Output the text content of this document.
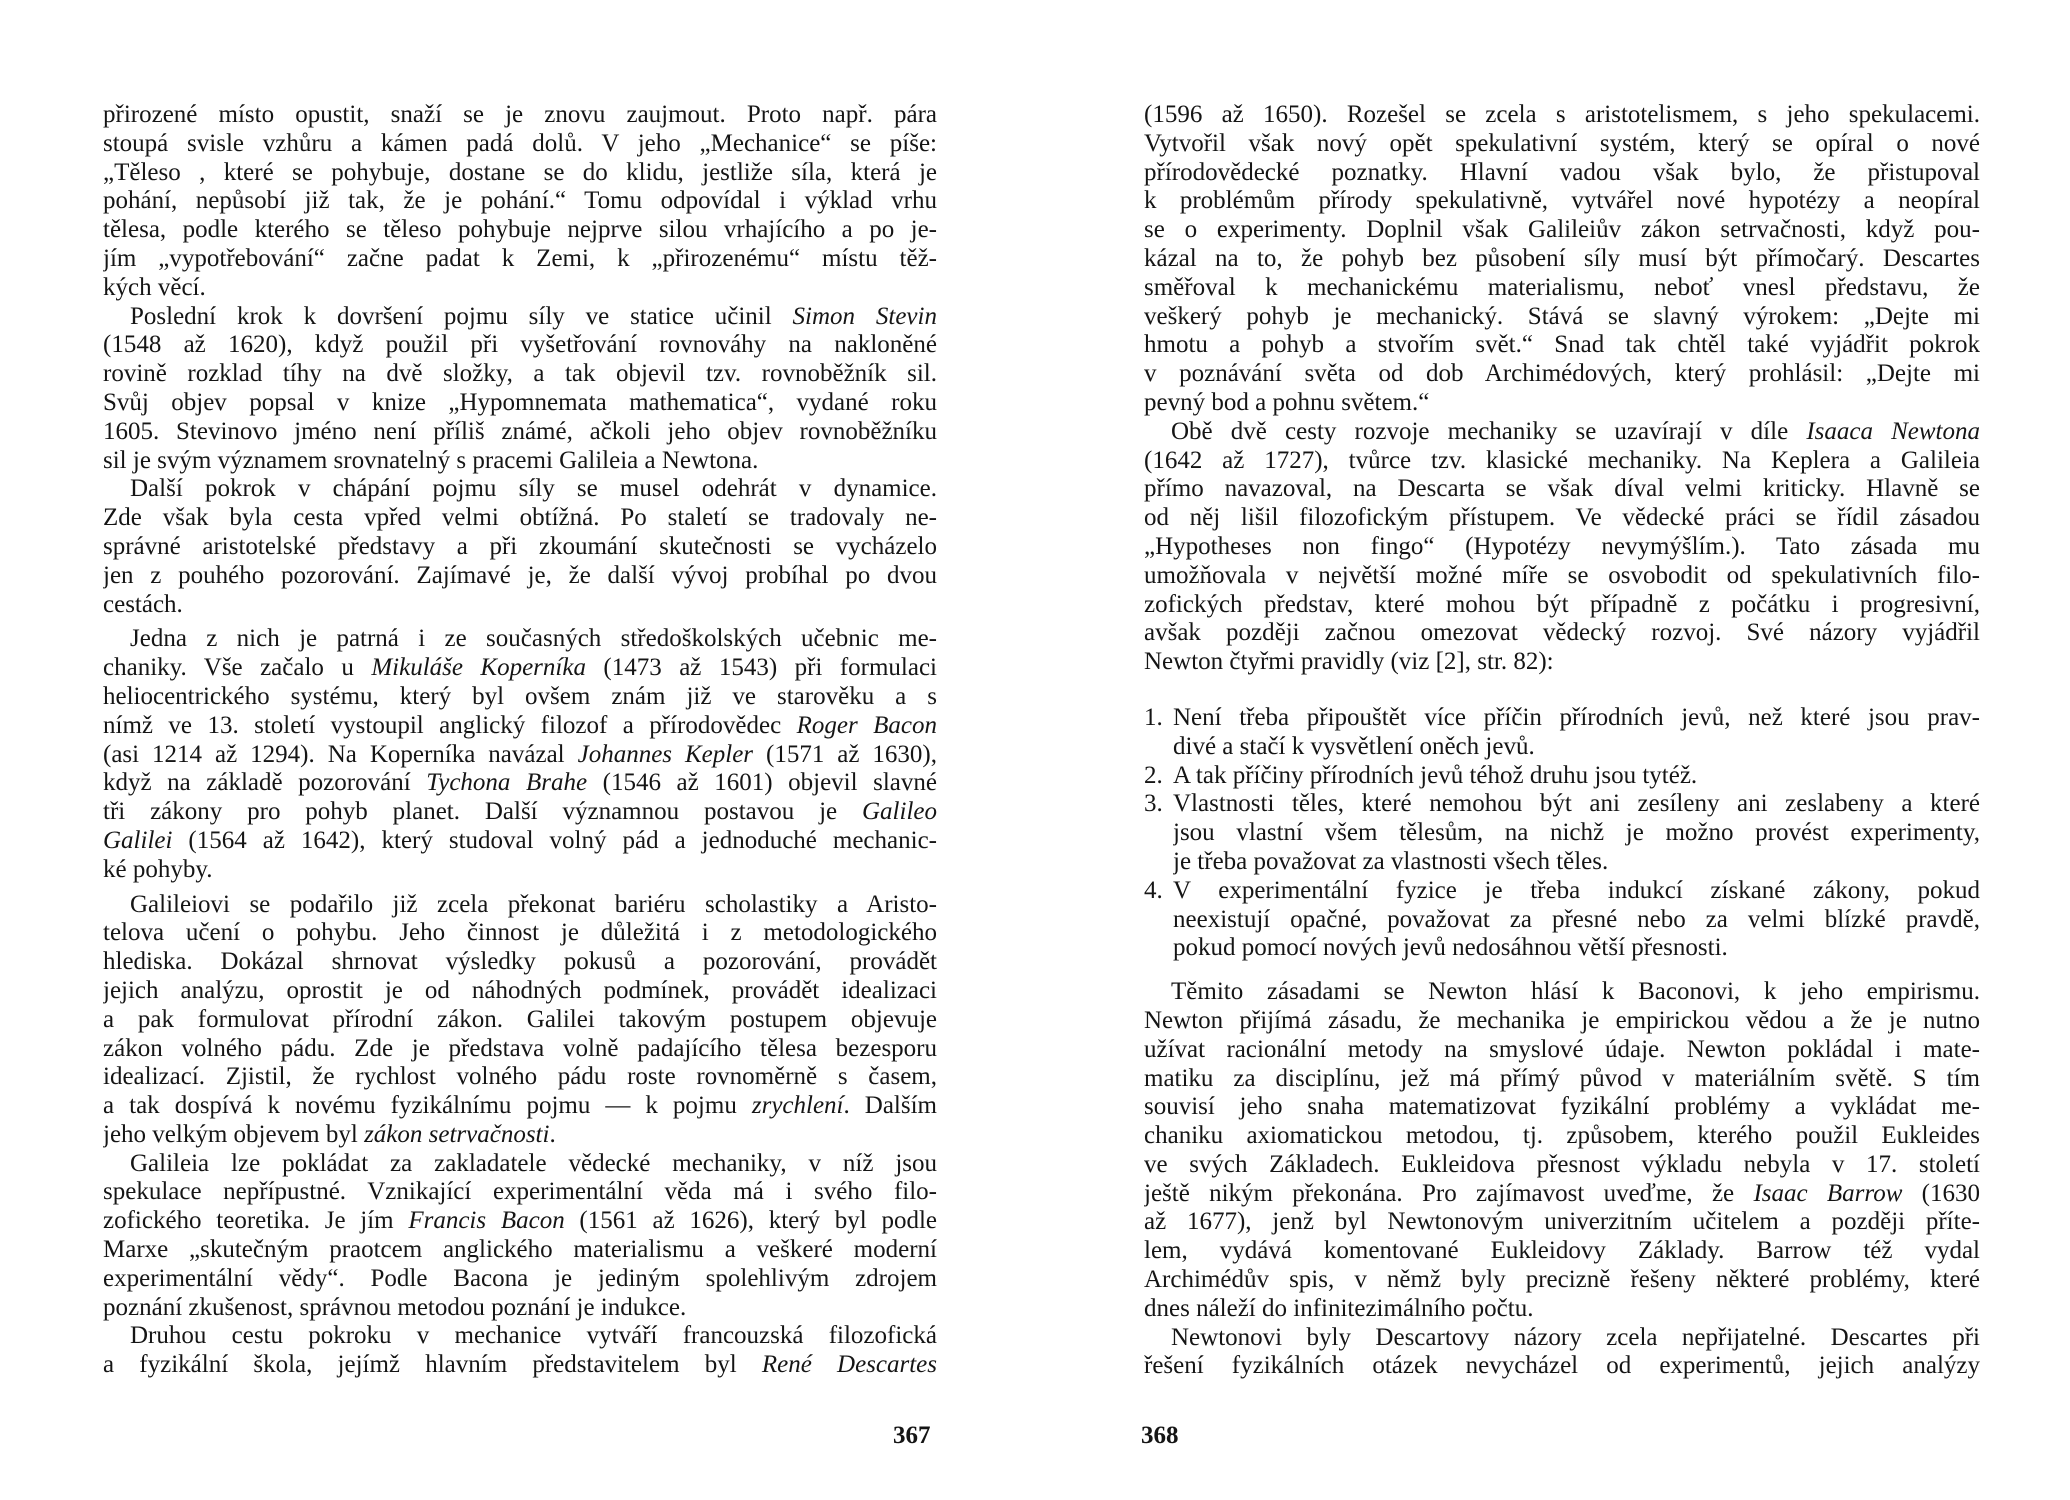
přirozené místo opustit, snaží se je znovu zaujmout. Proto např. pára
stoupá svisle vzhůru a kámen padá dolů. V jeho „Mechanice“ se píše:
„Těleso , které se pohybuje, dostane se do klidu, jestliže síla, která je
pohání, nepůsobí již tak, že je pohání.“ Tomu odpovídal i výklad vrhu
tělesa, podle kterého se těleso pohybuje nejprve silou vrhajícího a po je-
jím „vypotřebování“ začne padat k Zemi, k „přirozenému“ místu těž-
kých věcí.
Poslední krok k dovršení pojmu síly ve statice učinil Simon Stevin
(1548 až 1620), když použil při vyšetřování rovnováhy na nakloněné
rovině rozklad tíhy na dvě složky, a tak objevil tzv. rovnoběžník sil.
Svůj objev popsal v knize „Hypomnemata mathematica“, vydané roku
1605. Stevinovo jméno není příliš známé, ačkoli jeho objev rovnoběžníku
sil je svým významem srovnatelný s pracemi Galileia a Newtona.
Další pokrok v chápání pojmu síly se musel odehrát v dynamice.
Zde však byla cesta vpřed velmi obtížná. Po staletí se tradovaly ne-
správné aristotelské představy a při zkoumání skutečnosti se vycházelo
jen z pouhého pozorování. Zajímavé je, že další vývoj probíhal po dvou
cestách.
Jedna z nich je patrná i ze současných středoškolských učebnic me-
chaniky. Vše začalo u Mikuláše Koperníka (1473 až 1543) při formulaci
heliocentrického systému, který byl ovšem znám již ve starověku a s
nímž ve 13. století vystoupil anglický filozof a přírodovědec Roger Bacon
(asi 1214 až 1294). Na Koperníka navázal Johannes Kepler (1571 až 1630),
když na základě pozorování Tychona Brahe (1546 až 1601) objevil slavné
tři zákony pro pohyb planet. Další významnou postavou je Galileo
Galilei (1564 až 1642), který studoval volný pád a jednoduché mechanic-
ké pohyby.
Galileiovi se podařilo již zcela překonat bariéru scholastiky a Aristo-
telova učení o pohybu. Jeho činnost je důležitá i z metodologického
hlediska. Dokázal shrnovat výsledky pokusů a pozorování, provádět
jejich analýzu, oprostit je od náhodných podmínek, provádět idealizaci
a pak formulovat přírodní zákon. Galilei takovým postupem objevuje
zákon volného pádu. Zde je představa volně padajícího tělesa bezesporu
idealizací. Zjistil, že rychlost volného pádu roste rovnoměrně s časem,
a tak dospívá k novému fyzikálnímu pojmu — k pojmu zrychlení. Dalším
jeho velkým objevem byl zákon setrvačnosti.
Galileia lze pokládat za zakladatele vědecké mechaniky, v níž jsou
spekulace nepřípustné. Vznikající experimentální věda má i svého filo-
zofického teoretika. Je jím Francis Bacon (1561 až 1626), který byl podle
Marxe „skutečným praotcem anglického materialismu a veškeré moderní
experimentální vědy“. Podle Bacona je jediným spolehlivým zdrojem
poznání zkušenost, správnou metodou poznání je indukce.
Druhou cestu pokroku v mechanice vytváří francouzská filozofická
a fyzikální škola, jejímž hlavním představitelem byl René Descartes
367
(1596 až 1650). Rozešel se zcela s aristotelismem, s jeho spekulacemi.
Vytvořil však nový opět spekulativní systém, který se opíral o nové
přírodovědecké poznatky. Hlavní vadou však bylo, že přistupoval
k problémům přírody spekulativně, vytvářel nové hypotézy a neopíral
se o experimenty. Doplnil však Galileiův zákon setrvačnosti, když pou-
kázal na to, že pohyb bez působení síly musí být přímočarý. Descartes
směřoval k mechanickému materialismu, neboť vnesl představu, že
veškerý pohyb je mechanický. Stává se slavný výrokem: „Dejte mi
hmotu a pohyb a stvořím svět.“ Snad tak chtěl také vyjádřit pokrok
v poznávání světa od dob Archimédových, který prohlásil: „Dejte mi
pevný bod a pohnu světem.“
Obě dvě cesty rozvoje mechaniky se uzavírají v díle Isaaca Newtona
(1642 až 1727), tvůrce tzv. klasické mechaniky. Na Keplera a Galileia
přímo navazoval, na Descarta se však díval velmi kriticky. Hlavně se
od něj lišil filozofickým přístupem. Ve vědecké práci se řídil zásadou
„Hypotheses non fingo“ (Hypotézy nevymýšlím.). Tato zásada mu
umožňovala v největší možné míře se osvobodit od spekulativních filo-
zofických představ, které mohou být případně z počátku i progresivní,
avšak později začnou omezovat vědecký rozvoj. Své názory vyjádřil
Newton čtyřmi pravidly (viz [2], str. 82):
1. Není třeba připouštět více příčin přírodních jevů, než které jsou prav-
divé a stačí k vysvětlení oněch jevů.
2. A tak příčiny přírodních jevů téhož druhu jsou tytéž.
3. Vlastnosti těles, které nemohou být ani zesíleny ani zeslabeny a které
jsou vlastní všem tělesům, na nichž je možno provést experimenty,
je třeba považovat za vlastnosti všech těles.
4. V experimentální fyzice je třeba indukcí získané zákony, pokud
neexistují opačné, považovat za přesné nebo za velmi blízké pravdě,
pokud pomocí nových jevů nedosáhnou větší přesnosti.
Těmito zásadami se Newton hlásí k Baconovi, k jeho empirismu.
Newton přijímá zásadu, že mechanika je empirickou vědou a že je nutno
užívat racionální metody na smyslové údaje. Newton pokládal i mate-
matiku za disciplínu, jež má přímý původ v materiálním světě. S tím
souvisí jeho snaha matematizovat fyzikální problémy a vykládat me-
chaniku axiomatickou metodou, tj. způsobem, kterého použil Eukleides
ve svých Základech. Eukleidova přesnost výkladu nebyla v 17. století
ještě nikým překonána. Pro zajímavost uveďme, že Isaac Barrow (1630
až 1677), jenž byl Newtonovým univerzitním učitelem a později příte-
lem, vydává komentované Eukleidovy Základy. Barrow též vydal
Archimédův spis, v němž byly precizně řešeny některé problémy, které
dnes náleží do infinitezimálního počtu.
Newtonovi byly Descartovy názory zcela nepřijatelné. Descartes při
řešení fyzikálních otázek nevycházel od experimentů, jejich analýzy
368
